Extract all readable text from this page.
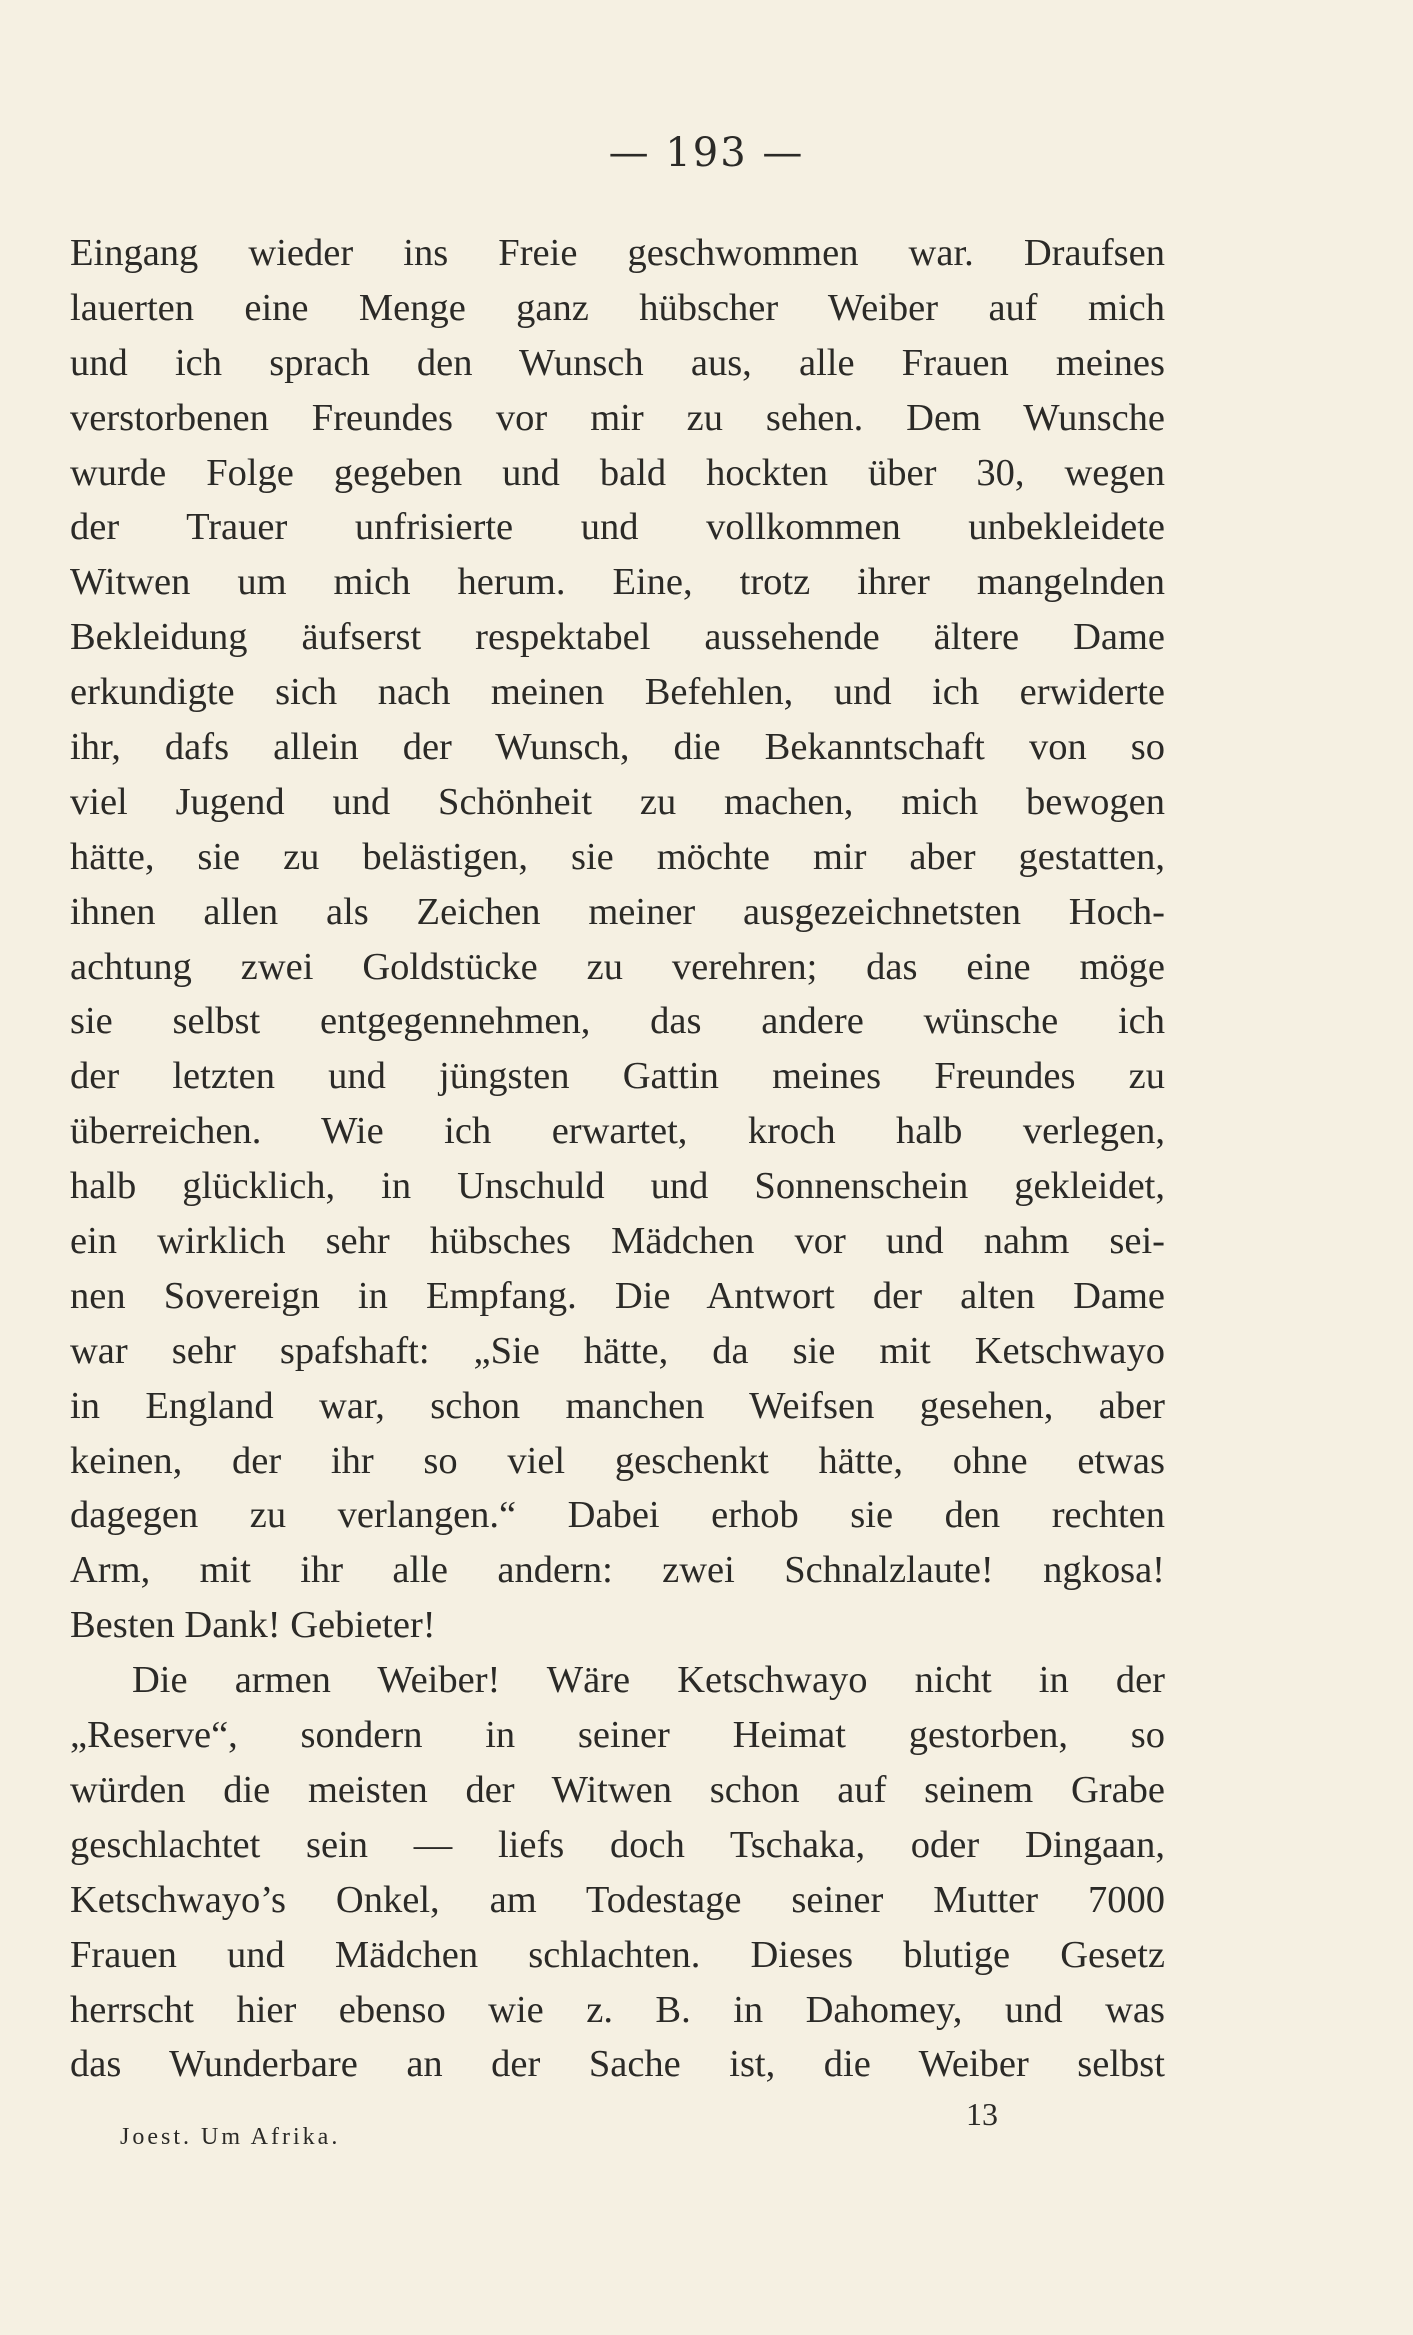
— 193 —
Eingang wieder ins Freie geschwommen war. Draufsen
lauerten eine Menge ganz hübscher Weiber auf mich
und ich sprach den Wunsch aus, alle Frauen meines
verstorbenen Freundes vor mir zu sehen. Dem Wunsche
wurde Folge gegeben und bald hockten über 30, wegen
der Trauer unfrisierte und vollkommen unbekleidete
Witwen um mich herum. Eine, trotz ihrer mangelnden
Bekleidung äufserst respektabel aussehende ältere Dame
erkundigte sich nach meinen Befehlen, und ich erwiderte
ihr, dafs allein der Wunsch, die Bekanntschaft von so
viel Jugend und Schönheit zu machen, mich bewogen
hätte, sie zu belästigen, sie möchte mir aber gestatten,
ihnen allen als Zeichen meiner ausgezeichnetsten Hoch-
achtung zwei Goldstücke zu verehren; das eine möge
sie selbst entgegennehmen, das andere wünsche ich
der letzten und jüngsten Gattin meines Freundes zu
überreichen. Wie ich erwartet, kroch halb verlegen,
halb glücklich, in Unschuld und Sonnenschein gekleidet,
ein wirklich sehr hübsches Mädchen vor und nahm sei-
nen Sovereign in Empfang. Die Antwort der alten Dame
war sehr spafshaft: „Sie hätte, da sie mit Ketschwayo
in England war, schon manchen Weifsen gesehen, aber
keinen, der ihr so viel geschenkt hätte, ohne etwas
dagegen zu verlangen.“ Dabei erhob sie den rechten
Arm, mit ihr alle andern: zwei Schnalzlaute! ngkosa!
Besten Dank! Gebieter!
Die armen Weiber! Wäre Ketschwayo nicht in der
„Reserve“, sondern in seiner Heimat gestorben, so
würden die meisten der Witwen schon auf seinem Grabe
geschlachtet sein — liefs doch Tschaka, oder Dingaan,
Ketschwayo’s Onkel, am Todestage seiner Mutter 7000
Frauen und Mädchen schlachten. Dieses blutige Gesetz
herrscht hier ebenso wie z. B. in Dahomey, und was
das Wunderbare an der Sache ist, die Weiber selbst
Joest. Um Afrika.
13
